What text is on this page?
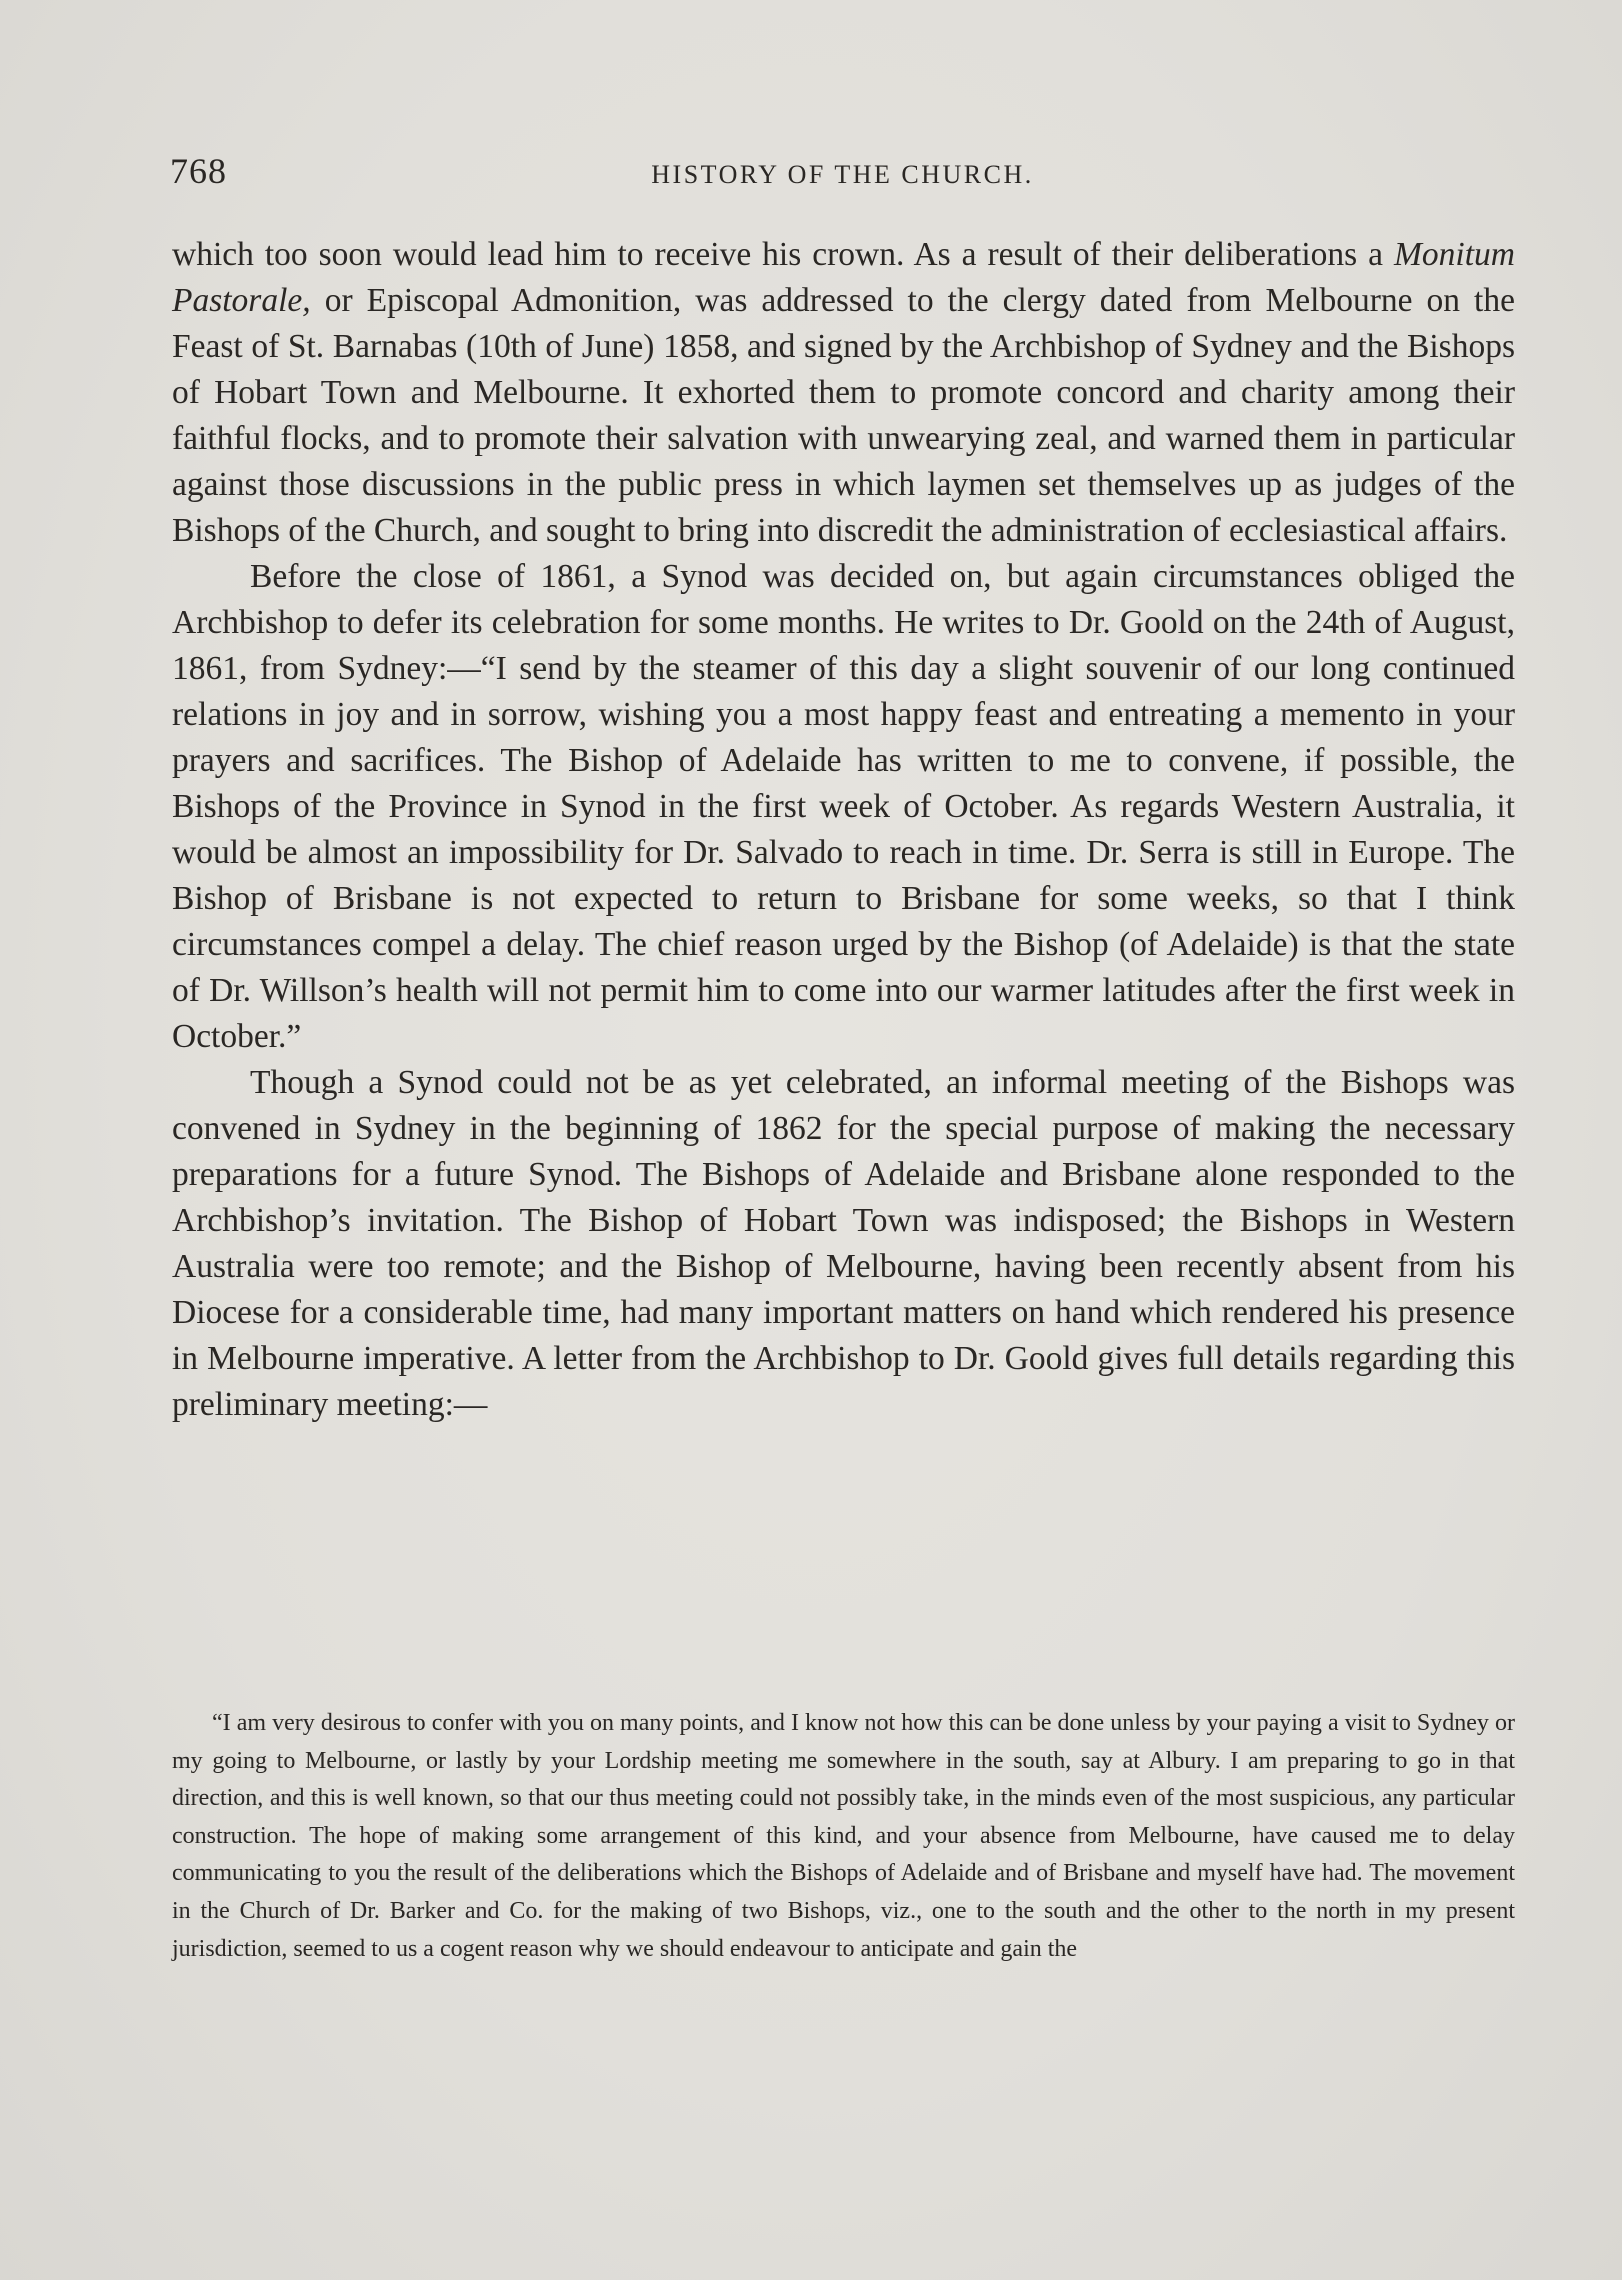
768	HISTORY OF THE CHURCH.

which too soon would lead him to receive his crown. As a result of their deliberations a Monitum Pastorale, or Episcopal Admonition, was addressed to the clergy dated from Melbourne on the Feast of St. Barnabas (10th of June) 1858, and signed by the Archbishop of Sydney and the Bishops of Hobart Town and Melbourne. It exhorted them to promote concord and charity among their faithful flocks, and to promote their salvation with unwearying zeal, and warned them in particular against those discussions in the public press in which laymen set themselves up as judges of the Bishops of the Church, and sought to bring into discredit the administration of ecclesiastical affairs.

Before the close of 1861, a Synod was decided on, but again circumstances obliged the Archbishop to defer its celebration for some months. He writes to Dr. Goold on the 24th of August, 1861, from Sydney:—“I send by the steamer of this day a slight souvenir of our long continued relations in joy and in sorrow, wishing you a most happy feast and entreating a memento in your prayers and sacrifices. The Bishop of Adelaide has written to me to convene, if possible, the Bishops of the Province in Synod in the first week of October. As regards Western Australia, it would be almost an impossibility for Dr. Salvado to reach in time. Dr. Serra is still in Europe. The Bishop of Brisbane is not expected to return to Brisbane for some weeks, so that I think circumstances compel a delay. The chief reason urged by the Bishop (of Adelaide) is that the state of Dr. Willson’s health will not permit him to come into our warmer latitudes after the first week in October.”

Though a Synod could not be as yet celebrated, an informal meeting of the Bishops was convened in Sydney in the beginning of 1862 for the special purpose of making the necessary preparations for a future Synod. The Bishops of Adelaide and Brisbane alone responded to the Archbishop’s invitation. The Bishop of Hobart Town was indisposed; the Bishops in Western Australia were too remote; and the Bishop of Melbourne, having been recently absent from his Diocese for a considerable time, had many important matters on hand which rendered his presence in Melbourne imperative. A letter from the Archbishop to Dr. Goold gives full details regarding this preliminary meeting:—

“I am very desirous to confer with you on many points, and I know not how this can be done unless by your paying a visit to Sydney or my going to Melbourne, or lastly by your Lordship meeting me somewhere in the south, say at Albury. I am preparing to go in that direction, and this is well known, so that our thus meeting could not possibly take, in the minds even of the most suspicious, any particular construction. The hope of making some arrangement of this kind, and your absence from Melbourne, have caused me to delay communicating to you the result of the deliberations which the Bishops of Adelaide and of Brisbane and myself have had. The movement in the Church of Dr. Barker and Co. for the making of two Bishops, viz., one to the south and the other to the north in my present jurisdiction, seemed to us a cogent reason why we should endeavour to anticipate and gain the
